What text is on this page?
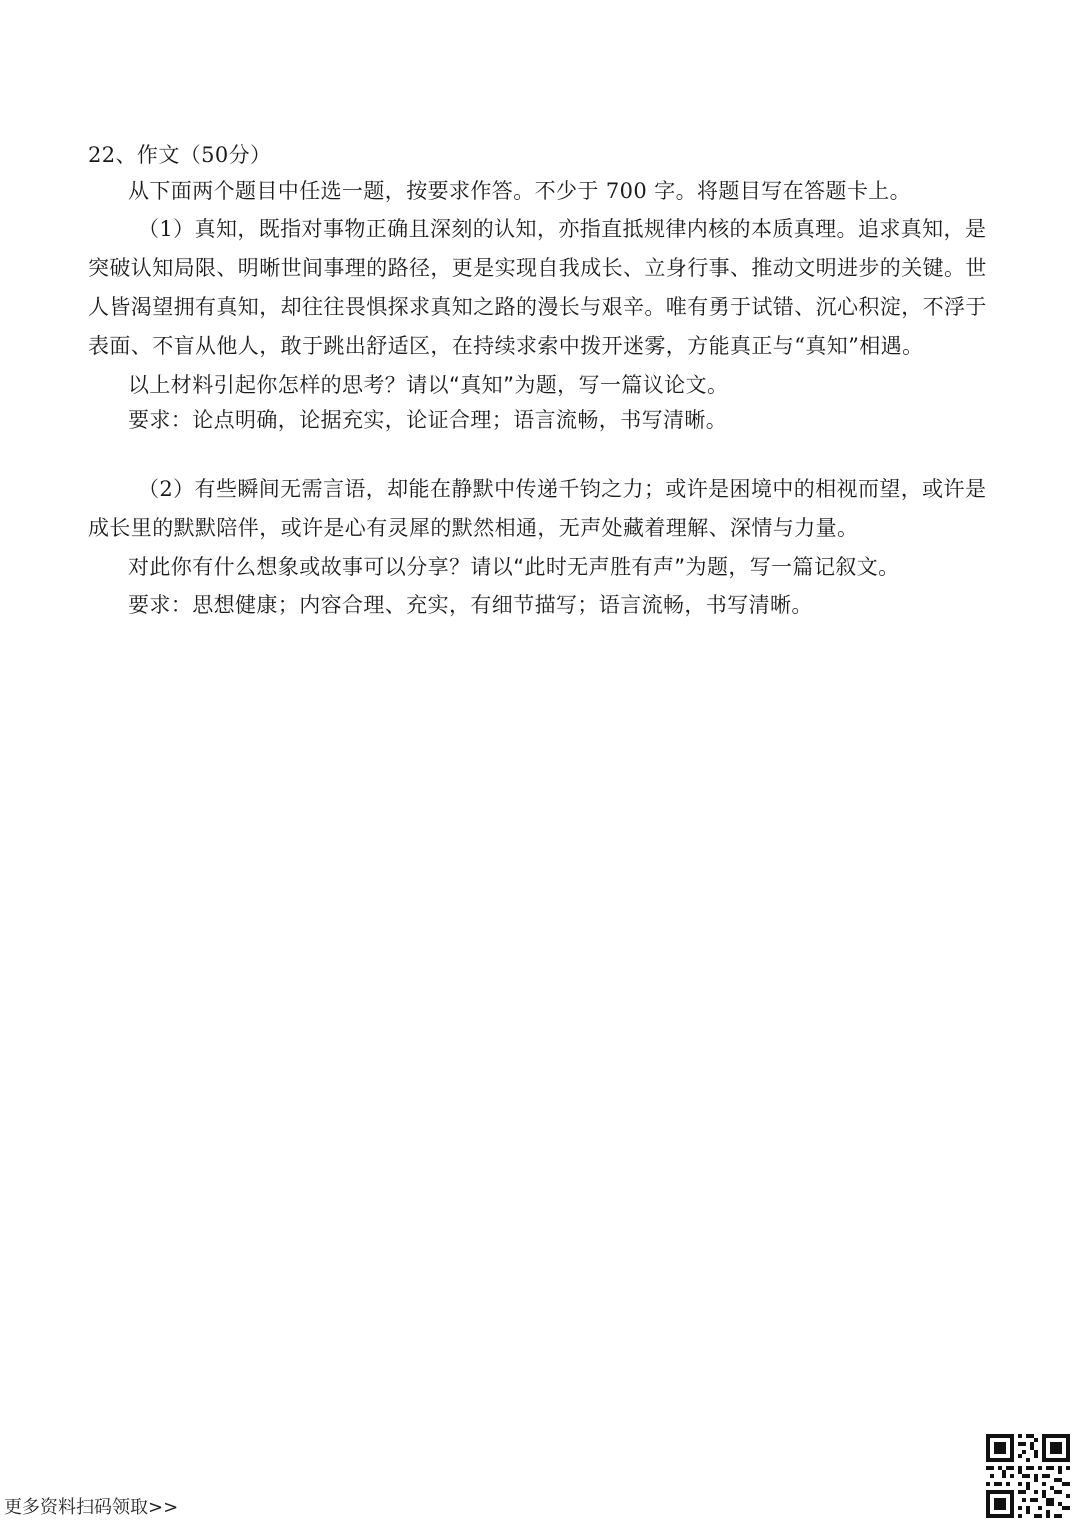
22、作文（50分）
从下面两个题目中任选一题，按要求作答。不少于 700 字。将题目写在答题卡上。
（1）真知，既指对事物正确且深刻的认知，亦指直抵规律内核的本质真理。追求真知，是
突破认知局限、明晰世间事理的路径，更是实现自我成长、立身行事、推动文明进步的关键。世
人皆渴望拥有真知，却往往畏惧探求真知之路的漫长与艰辛。唯有勇于试错、沉心积淀，不浮于
表面、不盲从他人，敢于跳出舒适区，在持续求索中拨开迷雾，方能真正与“真知”相遇。
以上材料引起你怎样的思考？请以“真知”为题，写一篇议论文。
要求：论点明确，论据充实，论证合理；语言流畅，书写清晰。
（2）有些瞬间无需言语，却能在静默中传递千钧之力；或许是困境中的相视而望，或许是
成长里的默默陪伴，或许是心有灵犀的默然相通，无声处藏着理解、深情与力量。
对此你有什么想象或故事可以分享？请以“此时无声胜有声”为题，写一篇记叙文。
要求：思想健康；内容合理、充实，有细节描写；语言流畅，书写清晰。
更多资料扫码领取>>
